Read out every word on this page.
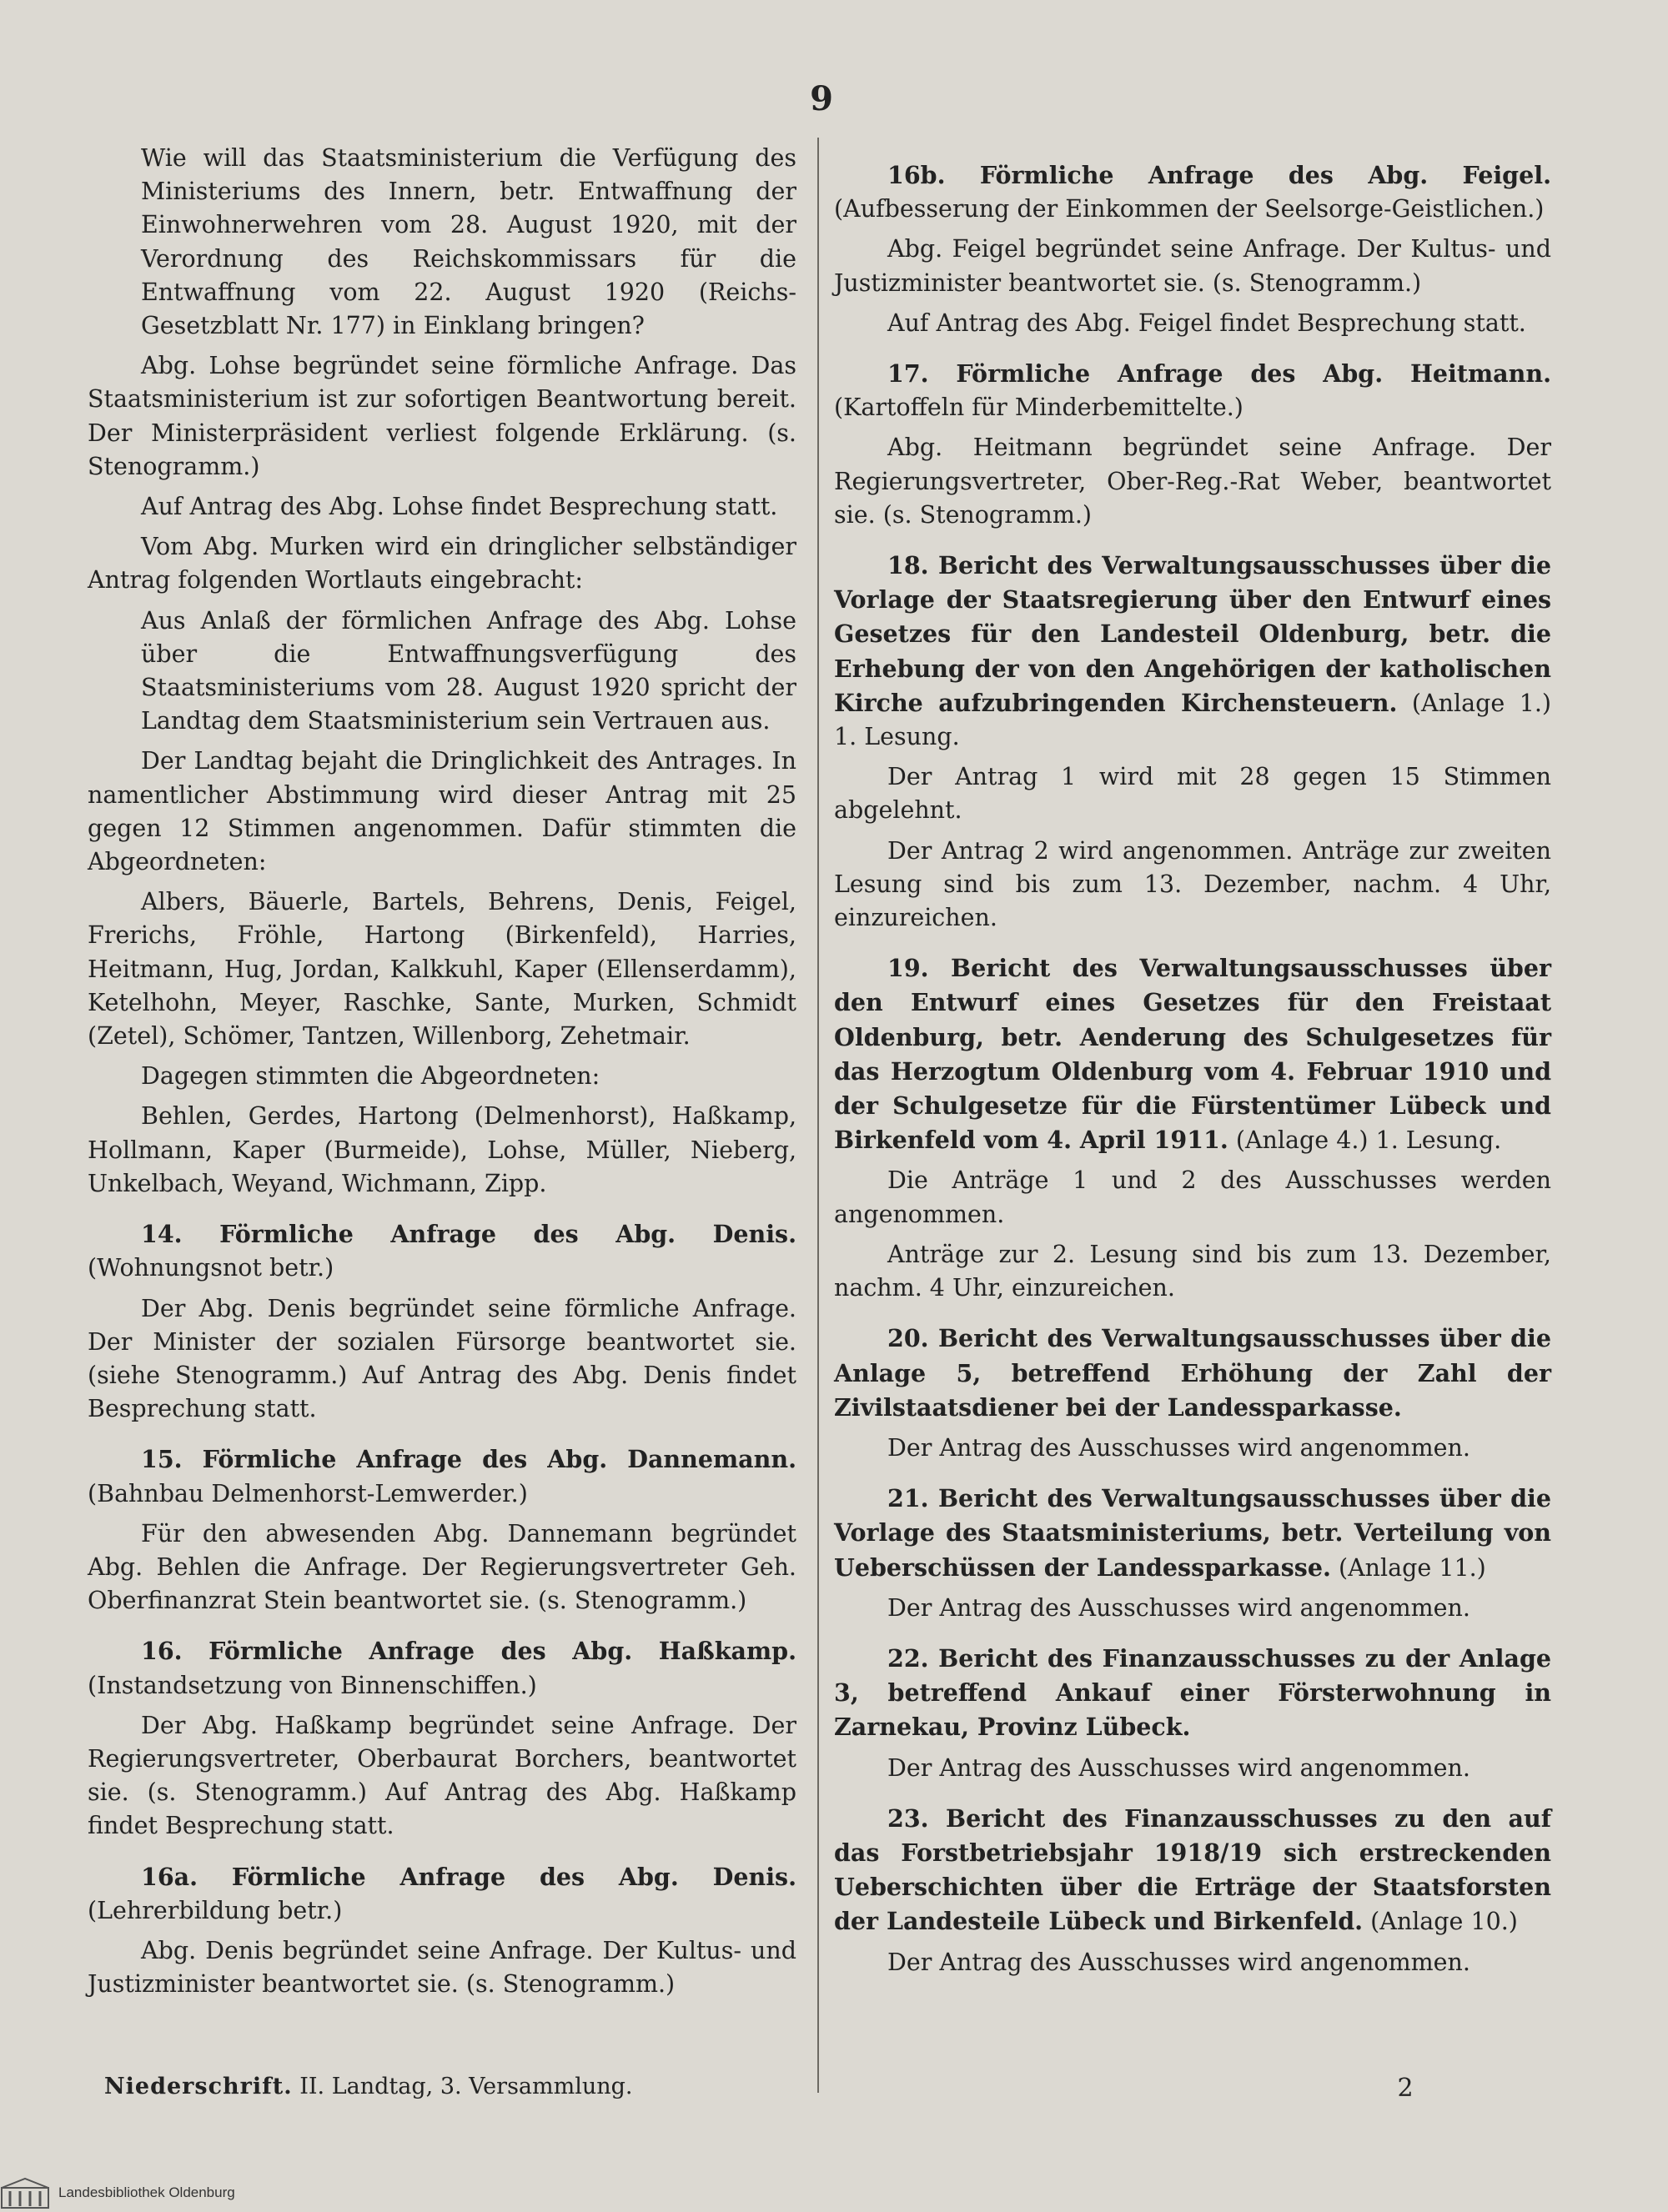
9

Wie will das Staatsministerium die Verfügung des Ministeriums des Innern, betr. Entwaffnung der Einwohnerwehren vom 28. August 1920, mit der Verordnung des Reichskommissars für die Entwaffnung vom 22. August 1920 (Reichs-Gesetzblatt Nr. 177) in Einklang bringen?

Abg. Lohse begründet seine förmliche Anfrage. Das Staatsministerium ist zur sofortigen Beantwortung bereit. Der Ministerpräsident verliest folgende Erklärung. (s. Stenogramm.)

Auf Antrag des Abg. Lohse findet Besprechung statt.

Vom Abg. Murken wird ein dringlicher selbständiger Antrag folgenden Wortlauts eingebracht:

Aus Anlaß der förmlichen Anfrage des Abg. Lohse über die Entwaffnungsverfügung des Staatsministeriums vom 28. August 1920 spricht der Landtag dem Staatsministerium sein Vertrauen aus.

Der Landtag bejaht die Dringlichkeit des Antrages. In namentlicher Abstimmung wird dieser Antrag mit 25 gegen 12 Stimmen angenommen. Dafür stimmten die Abgeordneten:

Albers, Bäuerle, Bartels, Behrens, Denis, Feigel, Frerichs, Fröhle, Hartong (Birkenfeld), Harries, Heitmann, Hug, Jordan, Kalkkuhl, Kaper (Ellenserdamm), Ketelhohn, Meyer, Raschke, Sante, Murken, Schmidt (Zetel), Schömer, Tantzen, Willenborg, Zehetmair.

Dagegen stimmten die Abgeordneten:

Behlen, Gerdes, Hartong (Delmenhorst), Haßkamp, Hollmann, Kaper (Burmeide), Lohse, Müller, Nieberg, Unkelbach, Weyand, Wichmann, Zipp.

14. Förmliche Anfrage des Abg. Denis. (Wohnungsnot betr.)

Der Abg. Denis begründet seine förmliche Anfrage. Der Minister der sozialen Fürsorge beantwortet sie. (siehe Stenogramm.) Auf Antrag des Abg. Denis findet Besprechung statt.

15. Förmliche Anfrage des Abg. Dannemann. (Bahnbau Delmenhorst-Lemwerder.)

Für den abwesenden Abg. Dannemann begründet Abg. Behlen die Anfrage. Der Regierungsvertreter Geh. Oberfinanzrat Stein beantwortet sie. (s. Stenogramm.)

16. Förmliche Anfrage des Abg. Haßkamp. (Instandsetzung von Binnenschiffen.)

Der Abg. Haßkamp begründet seine Anfrage. Der Regierungsvertreter, Oberbaurat Borchers, beantwortet sie. (s. Stenogramm.) Auf Antrag des Abg. Haßkamp findet Besprechung statt.

16a. Förmliche Anfrage des Abg. Denis. (Lehrerbildung betr.)

Abg. Denis begründet seine Anfrage. Der Kultus- und Justizminister beantwortet sie. (s. Stenogramm.)

16b. Förmliche Anfrage des Abg. Feigel. (Aufbesserung der Einkommen der Seelsorge-Geistlichen.)

Abg. Feigel begründet seine Anfrage. Der Kultus- und Justizminister beantwortet sie. (s. Stenogramm.)

Auf Antrag des Abg. Feigel findet Besprechung statt.

17. Förmliche Anfrage des Abg. Heitmann. (Kartoffeln für Minderbemittelte.)

Abg. Heitmann begründet seine Anfrage. Der Regierungsvertreter, Ober-Reg.-Rat Weber, beantwortet sie. (s. Stenogramm.)

18. Bericht des Verwaltungsausschusses über die Vorlage der Staatsregierung über den Entwurf eines Gesetzes für den Landesteil Oldenburg, betr. die Erhebung der von den Angehörigen der katholischen Kirche aufzubringenden Kirchensteuern. (Anlage 1.) 1. Lesung.

Der Antrag 1 wird mit 28 gegen 15 Stimmen abgelehnt.

Der Antrag 2 wird angenommen. Anträge zur zweiten Lesung sind bis zum 13. Dezember, nachm. 4 Uhr, einzureichen.

19. Bericht des Verwaltungsausschusses über den Entwurf eines Gesetzes für den Freistaat Oldenburg, betr. Aenderung des Schulgesetzes für das Herzogtum Oldenburg vom 4. Februar 1910 und der Schulgesetze für die Fürstentümer Lübeck und Birkenfeld vom 4. April 1911. (Anlage 4.) 1. Lesung.

Die Anträge 1 und 2 des Ausschusses werden angenommen.

Anträge zur 2. Lesung sind bis zum 13. Dezember, nachm. 4 Uhr, einzureichen.

20. Bericht des Verwaltungsausschusses über die Anlage 5, betreffend Erhöhung der Zahl der Zivilstaatsdiener bei der Landessparkasse.

Der Antrag des Ausschusses wird angenommen.

21. Bericht des Verwaltungsausschusses über die Vorlage des Staatsministeriums, betr. Verteilung von Ueberschüssen der Landessparkasse. (Anlage 11.)

Der Antrag des Ausschusses wird angenommen.

22. Bericht des Finanzausschusses zu der Anlage 3, betreffend Ankauf einer Försterwohnung in Zarnekau, Provinz Lübeck.

Der Antrag des Ausschusses wird angenommen.

23. Bericht des Finanzausschusses zu den auf das Forstbetriebsjahr 1918/19 sich erstreckenden Ueberschichten über die Erträge der Staatsforsten der Landesteile Lübeck und Birkenfeld. (Anlage 10.)

Der Antrag des Ausschusses wird angenommen.

Niederschrift. II. Landtag, 3. Versammlung.	2
Landesbibliothek Oldenburg
